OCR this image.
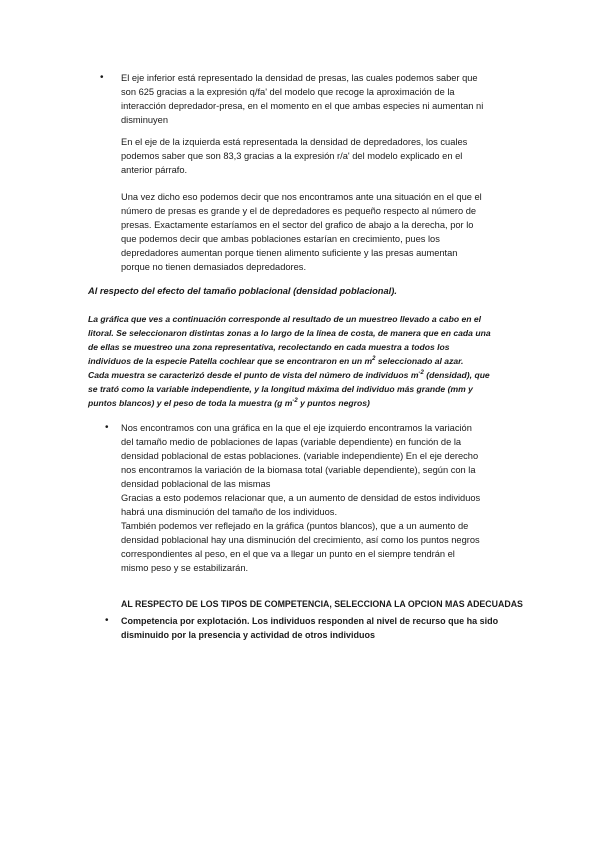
• El eje inferior está representado la densidad de presas, las cuales podemos saber que
son 625 gracias a la expresión q/fa' del modelo que recoge la aproximación de la
interacción depredador-presa, en el momento en el que ambas especies ni aumentan ni
disminuyen
En el eje de la izquierda está representada la densidad de depredadores, los cuales
podemos saber que son 83,3 gracias a la expresión r/a' del modelo explicado en el
anterior párrafo.
Una vez dicho eso podemos decir que nos encontramos ante una situación en el que el
número de presas es grande y el de depredadores es pequeño respecto al número de
presas. Exactamente estaríamos en el sector del grafico de abajo a la derecha, por lo
que podemos decir que ambas poblaciones estarían en crecimiento, pues los
depredadores aumentan porque tienen alimento suficiente y las presas aumentan
porque no tienen demasiados depredadores.
Al respecto del efecto del tamaño poblacional (densidad poblacional).
La gráfica que ves a continuación corresponde al resultado de un muestreo llevado a cabo en el
litoral. Se seleccionaron distintas zonas a lo largo de la línea de costa, de manera que en cada una
de ellas se muestreo una zona representativa, recolectando en cada muestra a todos los
individuos de la especie Patella cochlear que se encontraron en un $m^2$ seleccionado al azar.
Cada muestra se caracterizó desde el punto de vista del número de individuos $m^{-2}$ (densidad), que
se trató como la variable independiente, y la longitud máxima del individuo más grande (mm y
puntos blancos) y el peso de toda la muestra (g $m^{-2}$ y puntos negros)
• Nos encontramos con una gráfica en la que el eje izquierdo encontramos la variación
del tamaño medio de poblaciones de lapas (variable dependiente) en función de la
densidad poblacional de estas poblaciones. (variable independiente) En el eje derecho
nos encontramos la variación de la biomasa total (variable dependiente), según con la
densidad poblacional de las mismas
Gracias a esto podemos relacionar que, a un aumento de densidad de estos individuos
habrá una disminución del tamaño de los individuos.
También podemos ver reflejado en la gráfica (puntos blancos), que a un aumento de
densidad poblacional hay una disminución del crecimiento, así como los puntos negros
correspondientes al peso, en el que va a llegar un punto en el siempre tendrán el
mismo peso y se estabilizarán.
AL RESPECTO DE LOS TIPOS DE COMPETENCIA, SELECCIONA LA OPCION MAS ADECUADAS
• Competencia por explotación. Los individuos responden al nivel de recurso que ha sido
disminuido por la presencia y actividad de otros individuos
